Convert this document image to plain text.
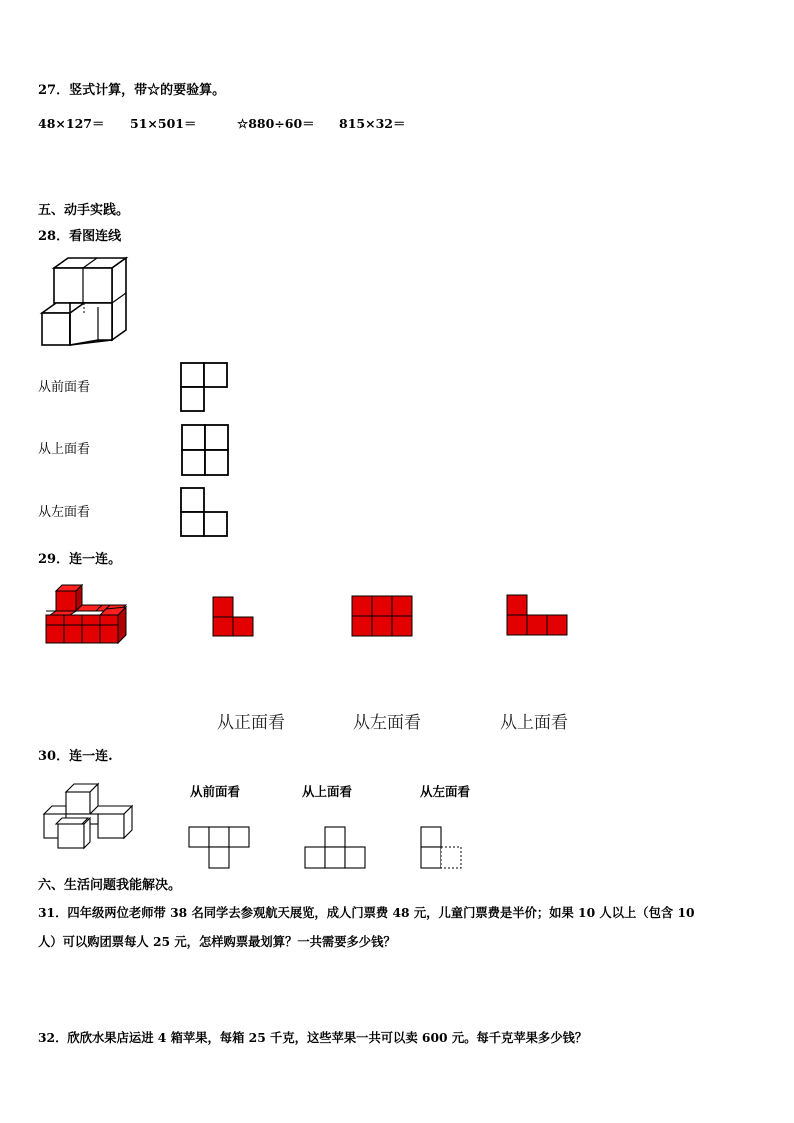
27．竖式计算，带☆的要验算。
48×127＝ 51×501＝	☆880÷60＝ 815×32＝
五、动手实践。
28．看图连线
从前面看
从上面看
从左面看
29．连一连。
从正面看	从左面看	从上面看
30．连一连.
从前面看	从上面看	从左面看
六、生活问题我能解决。
31．四年级两位老师带 38 名同学去参观航天展览，成人门票费 48 元，儿童门票费是半价；如果 10 人以上（包含 10
人）可以购团票每人 25 元，怎样购票最划算？一共需要多少钱？
32．欣欣水果店运进 4 箱苹果，每箱 25 千克，这些苹果一共可以卖 600 元。每千克苹果多少钱？
